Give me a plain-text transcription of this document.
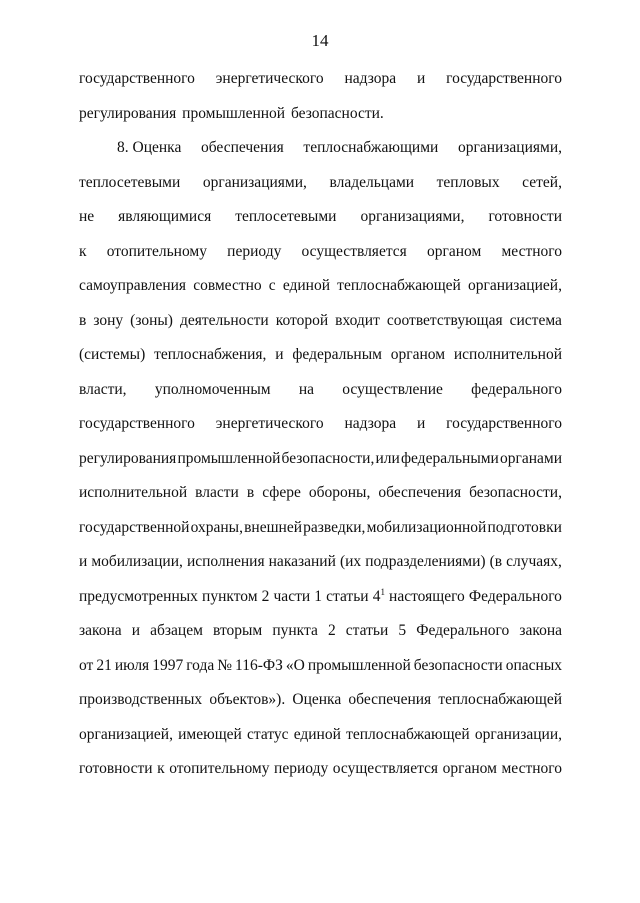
14
государственного энергетического надзора и государственного
регулирования промышленной безопасности.
8. Оценка обеспечения теплоснабжающими организациями,
теплосетевыми организациями, владельцами тепловых сетей,
не являющимися теплосетевыми организациями, готовности
к отопительному периоду осуществляется органом местного
самоуправления совместно с единой теплоснабжающей организацией,
в зону (зоны) деятельности которой входит соответствующая система
(системы) теплоснабжения, и федеральным органом исполнительной
власти, уполномоченным на осуществление федерального
государственного энергетического надзора и государственного
регулирования промышленной безопасности, или федеральными органами
исполнительной власти в сфере обороны, обеспечения безопасности,
государственной охраны, внешней разведки, мобилизационной подготовки
и мобилизации, исполнения наказаний (их подразделениями) (в случаях,
предусмотренных пунктом 2 части 1 статьи $4^1$ настоящего Федерального
закона и абзацем вторым пункта 2 статьи 5 Федерального закона
от 21 июля 1997 года № 116-ФЗ «О промышленной безопасности опасных
производственных объектов»). Оценка обеспечения теплоснабжающей
организацией, имеющей статус единой теплоснабжающей организации,
готовности к отопительному периоду осуществляется органом местного
